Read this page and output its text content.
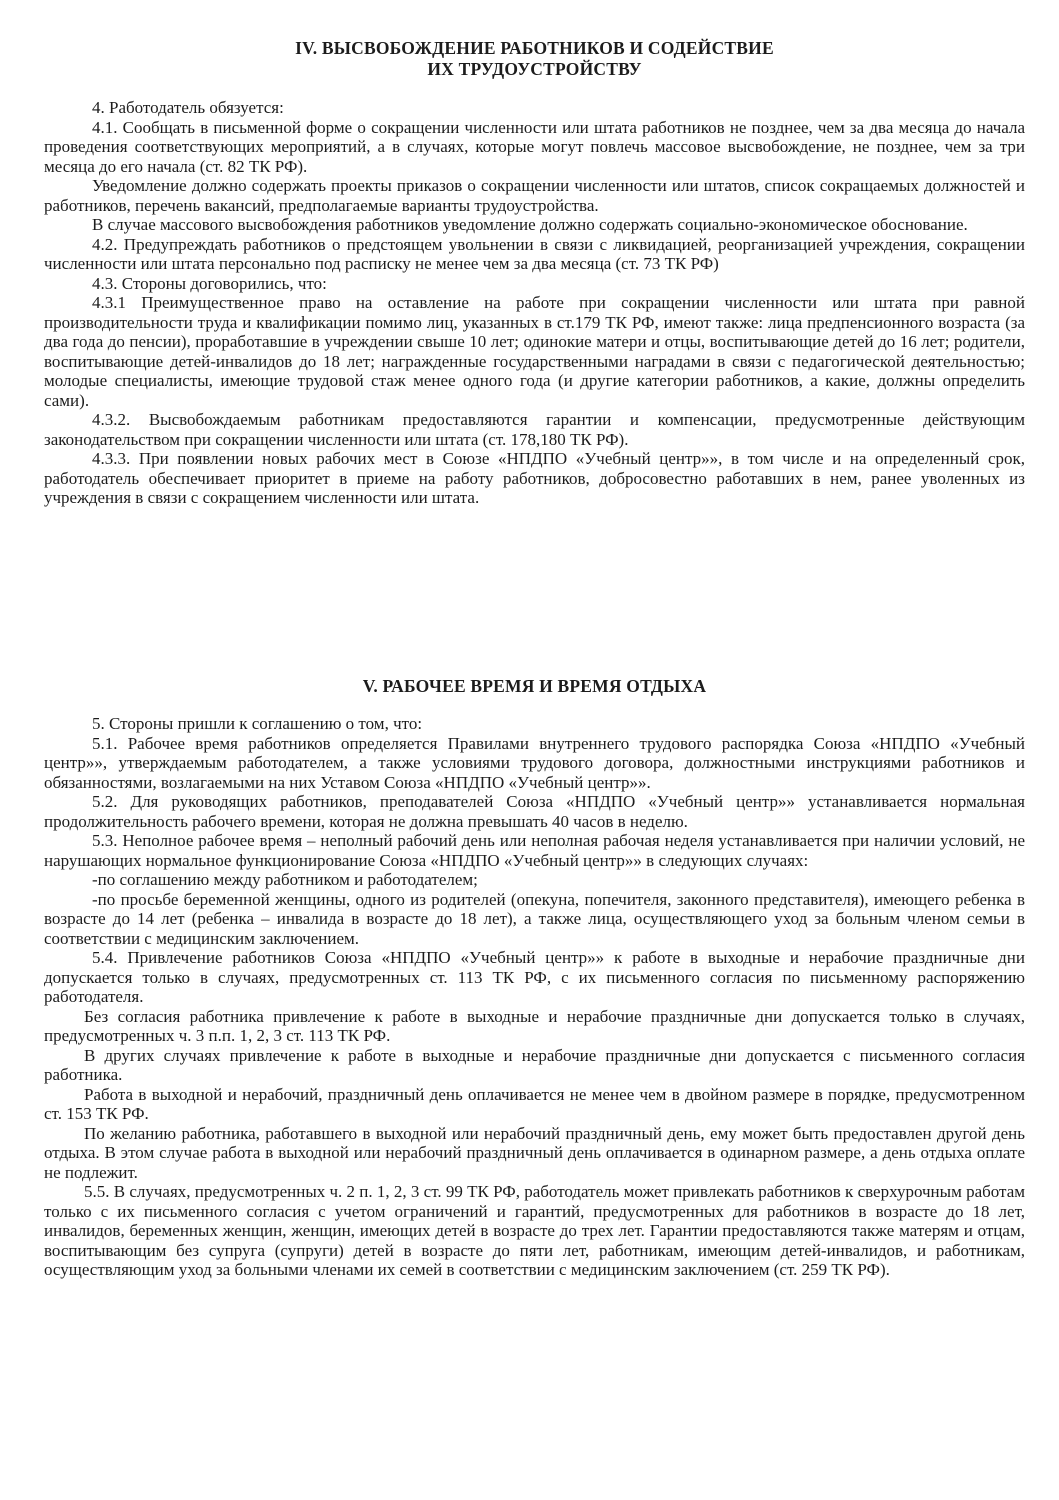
IV. ВЫСВОБОЖДЕНИЕ РАБОТНИКОВ И СОДЕЙСТВИЕ
ИХ ТРУДОУСТРОЙСТВУ

4. Работодатель обязуется:

4.1. Сообщать в письменной форме о сокращении численности или штата работников не позднее, чем за два месяца до начала проведения соответствующих мероприятий, а в случаях, которые могут повлечь массовое высвобождение, не позднее, чем за три месяца до его начала (ст. 82 ТК РФ).

Уведомление должно содержать проекты приказов о сокращении численности или штатов, список сокращаемых должностей и работников, перечень вакансий, предполагаемые варианты трудоустройства.

В случае массового высвобождения работников уведомление должно содержать социально-экономическое обоснование.

4.2. Предупреждать работников о предстоящем увольнении в связи с ликвидацией, реорганизацией учреждения, сокращении численности или штата персонально под расписку не менее чем за два месяца (ст. 73 ТК РФ)

4.3. Стороны договорились, что:

4.3.1 Преимущественное право на оставление на работе при сокращении численности или штата при равной производительности труда и квалификации помимо лиц, указанных в ст.179 ТК РФ, имеют также: лица предпенсионного возраста (за два года до пенсии), проработавшие в учреждении свыше 10 лет; одинокие матери и отцы, воспитывающие детей до 16 лет; родители, воспитывающие детей-инвалидов до 18 лет; награжденные государственными наградами в связи с педагогической деятельностью; молодые специалисты, имеющие трудовой стаж менее одного года (и другие категории работников, а какие, должны определить сами).

4.3.2. Высвобождаемым работникам предоставляются гарантии и компенсации, предусмотренные действующим законодательством при сокращении численности или штата (ст. 178,180 ТК РФ).

4.3.3. При появлении новых рабочих мест в Союзе «НПДПО «Учебный центр»», в том числе и на определенный срок, работодатель обеспечивает приоритет в приеме на работу работников, добросовестно работавших в нем, ранее уволенных из учреждения в связи с сокращением численности или штата.

V. РАБОЧЕЕ ВРЕМЯ И ВРЕМЯ ОТДЫХА

5. Стороны пришли к соглашению о том, что:

5.1. Рабочее время работников определяется Правилами внутреннего трудового распорядка Союза «НПДПО «Учебный центр»», утверждаемым работодателем, а также условиями трудового договора, должностными инструкциями работников и обязанностями, возлагаемыми на них Уставом Союза «НПДПО «Учебный центр»».

5.2. Для руководящих работников, преподавателей Союза «НПДПО «Учебный центр»» устанавливается нормальная продолжительность рабочего времени, которая не должна превышать 40 часов в неделю.

5.3. Неполное рабочее время – неполный рабочий день или неполная рабочая неделя устанавливается при наличии условий, не нарушающих нормальное функционирование Союза «НПДПО «Учебный центр»» в следующих случаях:

-по соглашению между работником и работодателем;

-по просьбе беременной женщины, одного из родителей (опекуна, попечителя, законного представителя), имеющего ребенка в возрасте до 14 лет (ребенка – инвалида в возрасте до 18 лет), а также лица, осуществляющего уход за больным членом семьи в соответствии с медицинским заключением.

5.4. Привлечение работников Союза «НПДПО «Учебный центр»» к работе в выходные и нерабочие праздничные дни допускается только в случаях, предусмотренных ст. 113 ТК РФ, с их письменного согласия по письменному распоряжению работодателя.

Без согласия работника привлечение к работе в выходные и нерабочие праздничные дни допускается только в случаях, предусмотренных ч. 3 п.п. 1, 2, 3 ст. 113 ТК РФ.

В других случаях привлечение к работе в выходные и нерабочие праздничные дни допускается с письменного согласия работника.

Работа в выходной и нерабочий, праздничный день оплачивается не менее чем в двойном размере в порядке, предусмотренном ст. 153 ТК РФ.

По желанию работника, работавшего в выходной или нерабочий праздничный день, ему может быть предоставлен другой день отдыха. В этом случае работа в выходной или нерабочий праздничный день оплачивается в одинарном размере, а день отдыха оплате не подлежит.

5.5. В случаях, предусмотренных ч. 2 п. 1, 2, 3 ст. 99 ТК РФ, работодатель может привлекать работников к сверхурочным работам только с их письменного согласия с учетом ограничений и гарантий, предусмотренных для работников в возрасте до 18 лет, инвалидов, беременных женщин, женщин, имеющих детей в возрасте до трех лет. Гарантии предоставляются также матерям и отцам, воспитывающим без супруга (супруги) детей в возрасте до пяти лет, работникам, имеющим детей-инвалидов, и работникам, осуществляющим уход за больными членами их семей в соответствии с медицинским заключением (ст. 259 ТК РФ).
